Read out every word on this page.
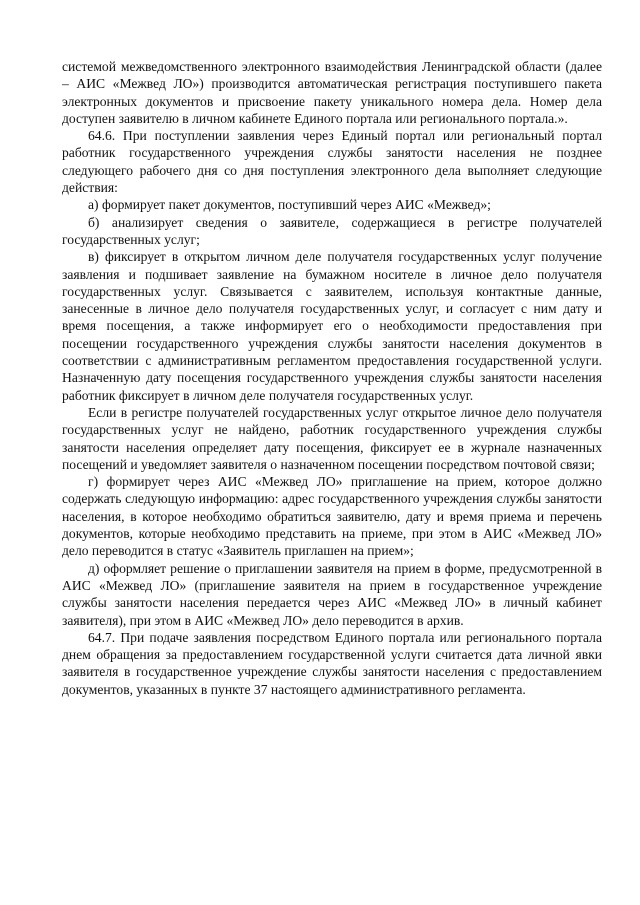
системой межведомственного электронного взаимодействия Ленинградской области (далее – АИС «Межвед ЛО») производится автоматическая регистрация поступившего пакета электронных документов и присвоение пакету уникального номера дела. Номер дела доступен заявителю в личном кабинете Единого портала или регионального портала.».

64.6. При поступлении заявления через Единый портал или региональный портал работник государственного учреждения службы занятости населения не позднее следующего рабочего дня со дня поступления электронного дела выполняет следующие действия:

а) формирует пакет документов, поступивший через АИС «Межвед»;

б) анализирует сведения о заявителе, содержащиеся в регистре получателей государственных услуг;

в) фиксирует в открытом личном деле получателя государственных услуг получение заявления и подшивает заявление на бумажном носителе в личное дело получателя государственных услуг. Связывается с заявителем, используя контактные данные, занесенные в личное дело получателя государственных услуг, и согласует с ним дату и время посещения, а также информирует его о необходимости предоставления при посещении государственного учреждения службы занятости населения документов в соответствии с административным регламентом предоставления государственной услуги. Назначенную дату посещения государственного учреждения службы занятости населения работник фиксирует в личном деле получателя государственных услуг.

Если в регистре получателей государственных услуг открытое личное дело получателя государственных услуг не найдено, работник государственного учреждения службы занятости населения определяет дату посещения, фиксирует ее в журнале назначенных посещений и уведомляет заявителя о назначенном посещении посредством почтовой связи;

г) формирует через АИС «Межвед ЛО» приглашение на прием, которое должно содержать следующую информацию: адрес государственного учреждения службы занятости населения, в которое необходимо обратиться заявителю, дату и время приема и перечень документов, которые необходимо представить на приеме, при этом в АИС «Межвед ЛО» дело переводится в статус «Заявитель приглашен на прием»;

д) оформляет решение о приглашении заявителя на прием в форме, предусмотренной в АИС «Межвед ЛО» (приглашение заявителя на прием в государственное учреждение службы занятости населения передается через АИС «Межвед ЛО» в личный кабинет заявителя), при этом в АИС «Межвед ЛО» дело переводится в архив.

64.7. При подаче заявления посредством Единого портала или регионального портала днем обращения за предоставлением государственной услуги считается дата личной явки заявителя в государственное учреждение службы занятости населения с предоставлением документов, указанных в пункте 37 настоящего административного регламента.
